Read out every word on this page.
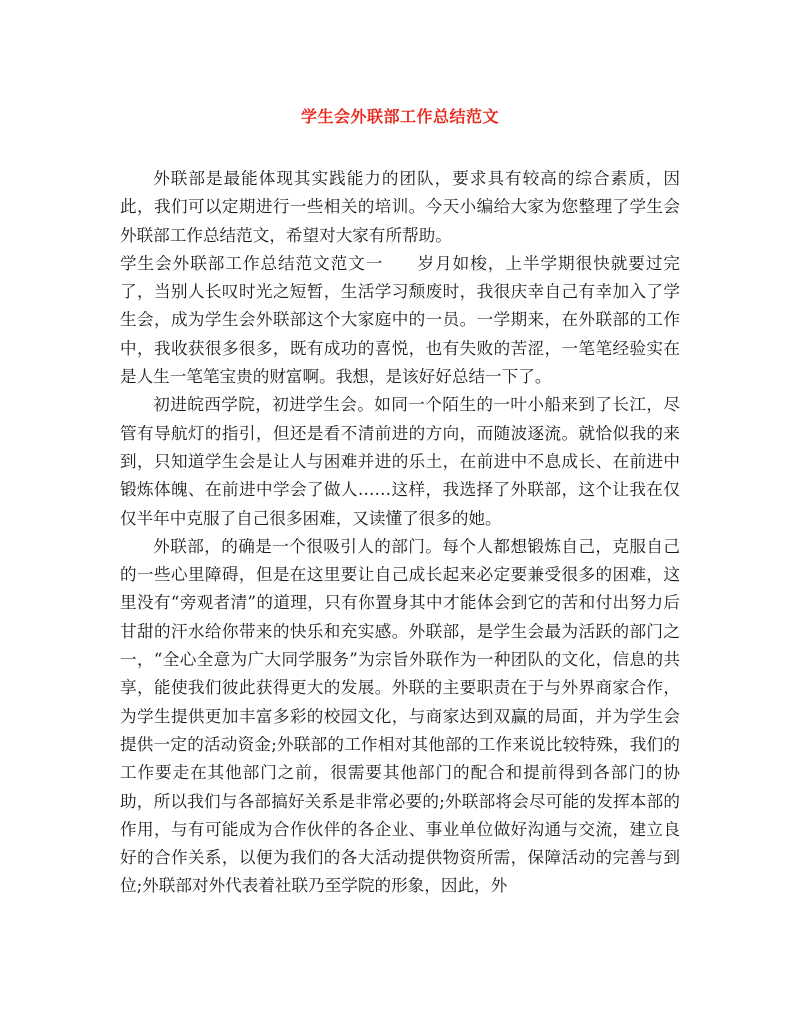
学生会外联部工作总结范文

外联部是最能体现其实践能力的团队，要求具有较高的综合素质，因此，我们可以定期进行一些相关的培训。今天小编给大家为您整理了学生会外联部工作总结范文，希望对大家有所帮助。

学生会外联部工作总结范文范文一 岁月如梭，上半学期很快就要过完了，当别人长叹时光之短暂，生活学习颓废时，我很庆幸自己有幸加入了学生会，成为学生会外联部这个大家庭中的一员。一学期来，在外联部的工作中，我收获很多很多，既有成功的喜悦，也有失败的苦涩，一笔笔经验实在是人生一笔笔宝贵的财富啊。我想，是该好好总结一下了。

初进皖西学院，初进学生会。如同一个陌生的一叶小船来到了长江，尽管有导航灯的指引，但还是看不清前进的方向，而随波逐流。就恰似我的来到，只知道学生会是让人与困难并进的乐土，在前进中不息成长、在前进中锻炼体魄、在前进中学会了做人……这样，我选择了外联部，这个让我在仅仅半年中克服了自己很多困难，又读懂了很多的她。

外联部，的确是一个很吸引人的部门。每个人都想锻炼自己，克服自己的一些心里障碍，但是在这里要让自己成长起来必定要兼受很多的困难，这里没有“旁观者清”的道理，只有你置身其中才能体会到它的苦和付出努力后甘甜的汗水给你带来的快乐和充实感。外联部，是学生会最为活跃的部门之一，“全心全意为广大同学服务”为宗旨外联作为一种团队的文化，信息的共享，能使我们彼此获得更大的发展。外联的主要职责在于与外界商家合作，为学生提供更加丰富多彩的校园文化，与商家达到双赢的局面，并为学生会提供一定的活动资金;外联部的工作相对其他部的工作来说比较特殊，我们的工作要走在其他部门之前，很需要其他部门的配合和提前得到各部门的协助，所以我们与各部搞好关系是非常必要的;外联部将会尽可能的发挥本部的作用，与有可能成为合作伙伴的各企业、事业单位做好沟通与交流，建立良好的合作关系，以便为我们的各大活动提供物资所需，保障活动的完善与到位;外联部对外代表着社联乃至学院的形象，因此，外
